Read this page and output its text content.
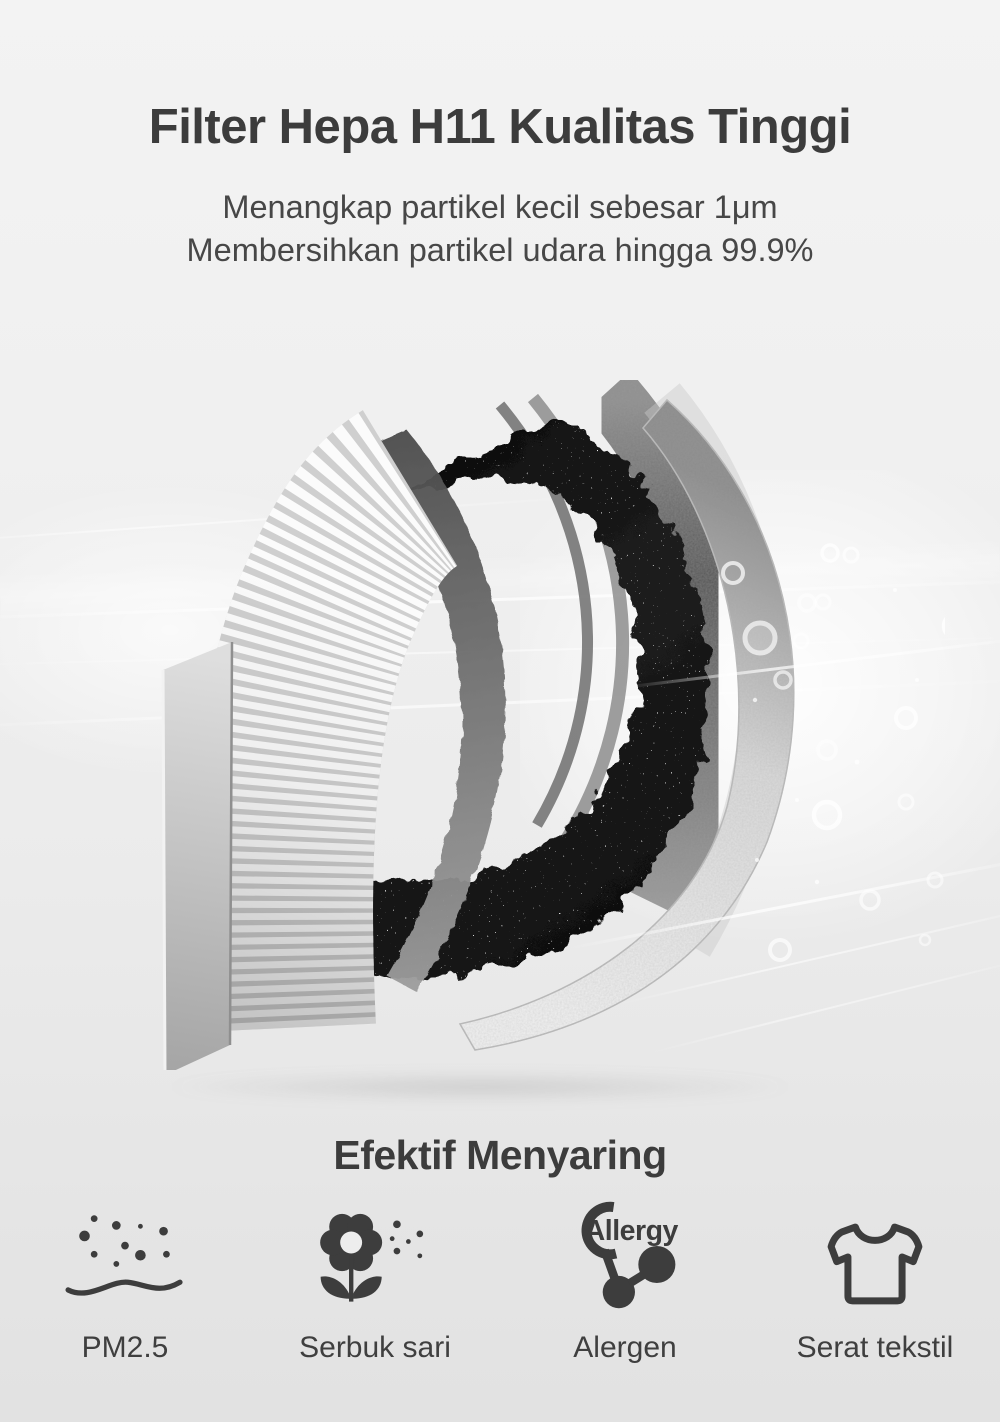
Filter Hepa H11 Kualitas Tinggi
Menangkap partikel kecil sebesar 1μm
Membersihkan partikel udara hingga 99.9%
Efektif Menyaring
PM2.5	Serbuk sari
Allergy
Alergen	Serat tekstil
